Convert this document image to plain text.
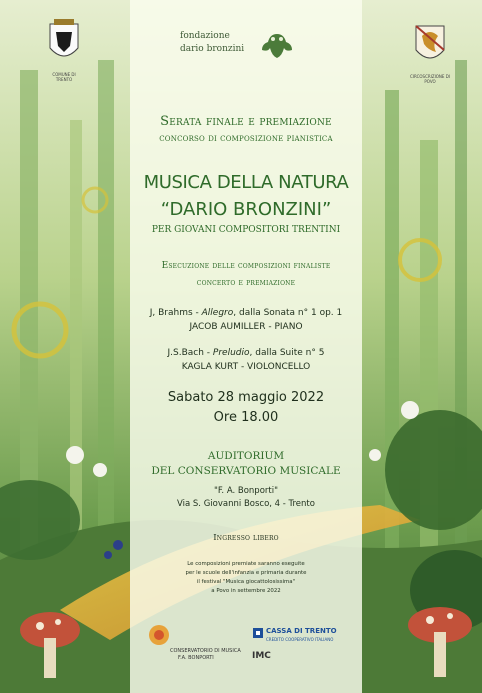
COMUNE DI TRENTO
CIRCOSCRIZIONE DI POVO
fondazione
dario bronzini
Serata finale e premiazione
concorso di composizione pianistica
MUSICA DELLA NATURA
“DARIO BRONZINI”
PER GIOVANI COMPOSITORI TRENTINI
Esecuzione delle composizioni finaliste
concerto e premiazione
J, Brahms - Allegro, dalla Sonata n° 1 op. 1
JACOB AUMILLER - PIANO
J.S.Bach - Preludio, dalla Suite n° 5
KAGLA KURT - VIOLONCELLO
Sabato 28 maggio 2022
Ore 18.00
AUDITORIUM
DEL CONSERVATORIO MUSICALE
"F. A. Bonporti"
Via S. Giovanni Bosco, 4 - Trento
Ingresso libero
Le composizioni premiate saranno eseguite
per le scuole dell'infanzia e primaria durante
il festival "Musica giocattolosissima"
a Povo in settembre 2022
CONSERVATORIO DI MUSICA
F.A. BONPORTI
CASSA DI TRENTO
CREDITO COOPERATIVO ITALIANO
IMC
